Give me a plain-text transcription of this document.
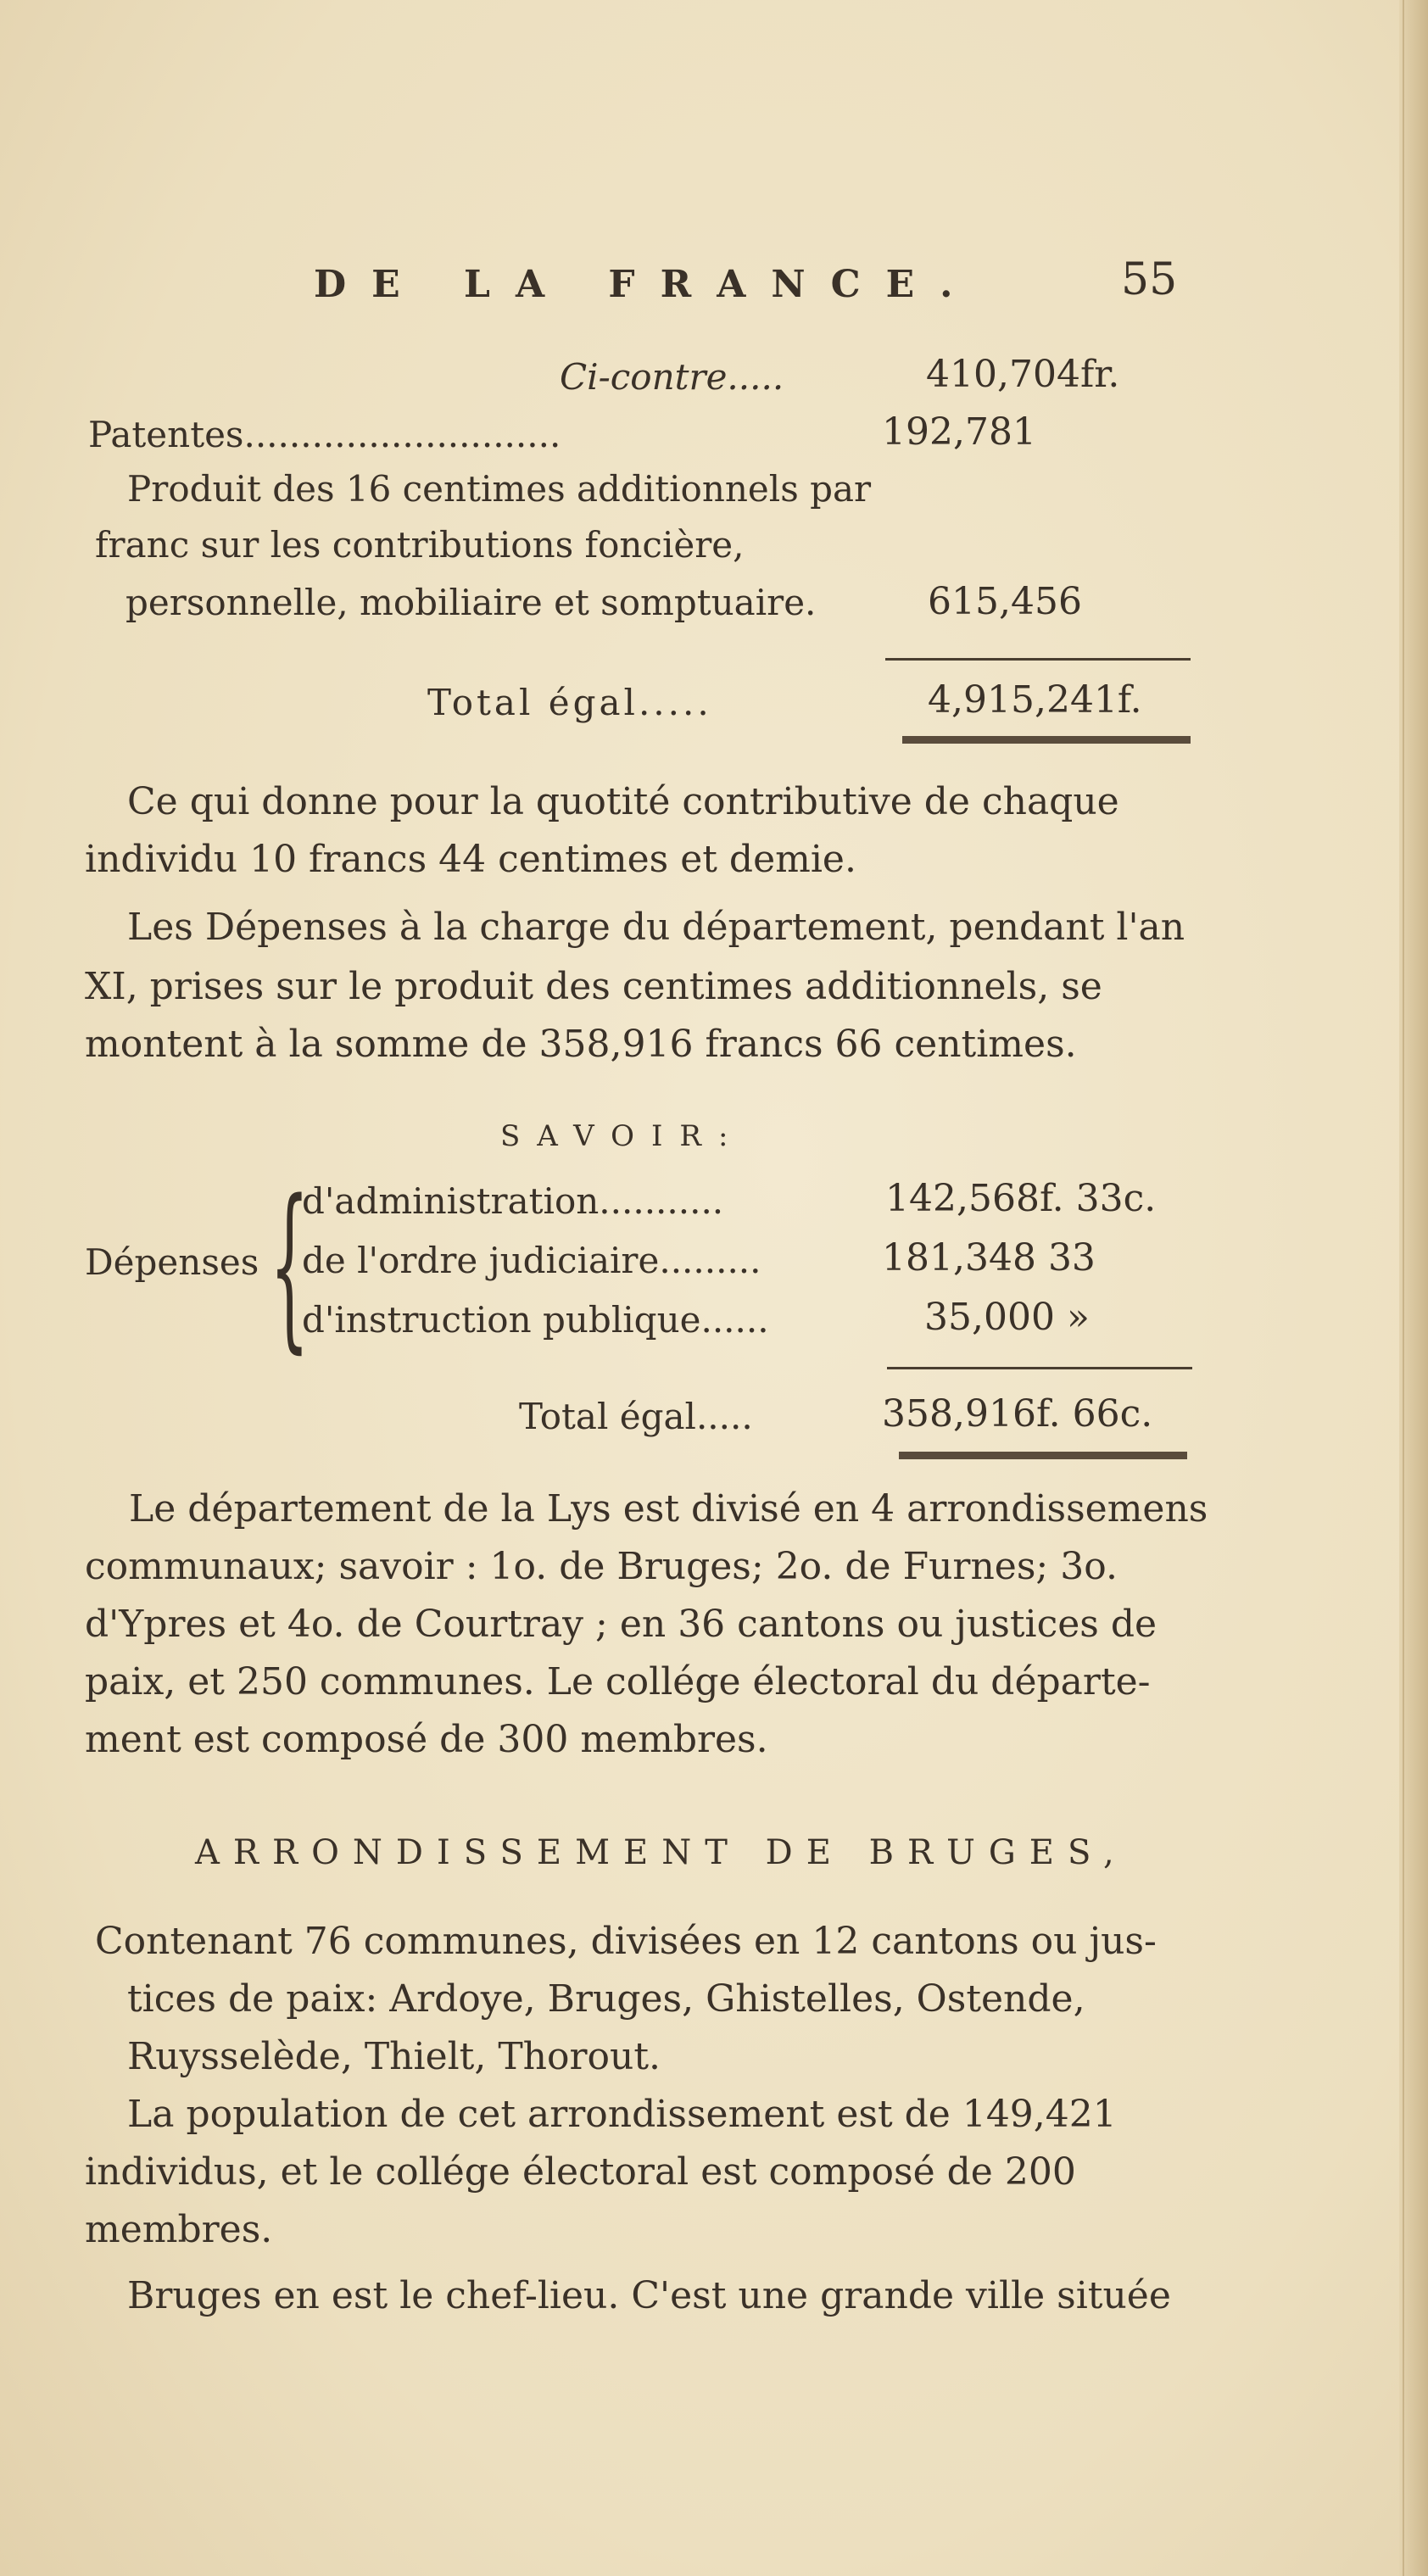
DE LA FRANCE.	55
Ci-contre.....	410,704fr.
Patentes............................	192,781
Produit des 16 centimes additionnels par
franc sur les contributions foncière,
personnelle, mobiliaire et somptuaire.	615,456
Total égal.....	4,915,241f.
Ce qui donne pour la quotité contributive de chaque
individu 10 francs 44 centimes et demie.
Les Dépenses à la charge du département, pendant l'an
XI, prises sur le produit des centimes additionnels, se
montent à la somme de 358,916 francs 66 centimes.
SAVOIR:
Dépenses {
d'administration...........	142,568f. 33c.
de l'ordre judiciaire.........	181,348 33
d'instruction publique......	35,000 »
Total égal.....	358,916f. 66c.
Le département de la Lys est divisé en 4 arrondissemens
communaux; savoir : 1o. de Bruges; 2o. de Furnes; 3o.
d'Ypres et 4o. de Courtray ; en 36 cantons ou justices de
paix, et 250 communes. Le collége électoral du départe-
ment est composé de 300 membres.
ARRONDISSEMENT DE BRUGES,
Contenant 76 communes, divisées en 12 cantons ou jus-
tices de paix: Ardoye, Bruges, Ghistelles, Ostende,
Ruysselède, Thielt, Thorout.
La population de cet arrondissement est de 149,421
individus, et le collége électoral est composé de 200
membres.
Bruges en est le chef-lieu. C'est une grande ville située
